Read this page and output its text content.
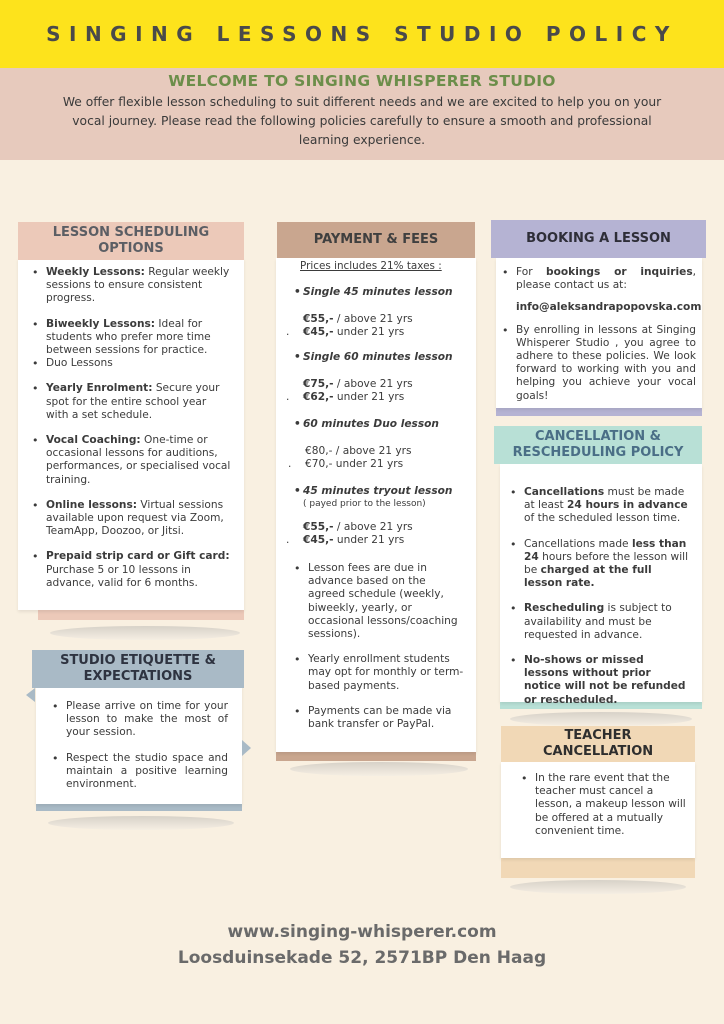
SINGING LESSONS STUDIO POLICY
WELCOME TO SINGING WHISPERER STUDIO

We offer flexible lesson scheduling to suit different needs and we are excited to help you on your vocal journey. Please read the following policies carefully to ensure a smooth and professional learning experience.

• Weekly Lessons: Regular weekly sessions to ensure consistent progress.
• Biweekly Lessons: Ideal for students who prefer more time between sessions for practice.
• Duo Lessons
• Yearly Enrolment: Secure your spot for the entire school year with a set schedule.
• Vocal Coaching: One-time or occasional lessons for auditions, performances, or specialised vocal training.
• Online lessons: Virtual sessions available upon request via Zoom, TeamApp, Doozoo, or Jitsi.
• Prepaid strip card or Gift card: Purchase 5 or 10 lessons in advance, valid for 6 months.
LESSON SCHEDULING OPTIONS
• Please arrive on time for your lesson to make the most of your session.
• Respect the studio space and maintain a positive learning environment.
STUDIO ETIQUETTE & EXPECTATIONS
Prices includes 21% taxes :
• Single 45 minutes lesson
€55,- / above 21 yrs
. €45,- under 21 yrs
• Single 60 minutes lesson
€75,- / above 21 yrs
. €62,- under 21 yrs
• 60 minutes Duo lesson
€80,- / above 21 yrs
. €70,- under 21 yrs
• 45 minutes tryout lesson
( payed prior to the lesson)
€55,- / above 21 yrs
. €45,- under 21 yrs
• Lesson fees are due in advance based on the agreed schedule (weekly, biweekly, yearly, or occasional lessons/coaching sessions).
• Yearly enrollment students may opt for monthly or term-based payments.
• Payments can be made via bank transfer or PayPal.
PAYMENT & FEES
• For bookings or inquiries, please contact us at:
info@aleksandrapopovska.com
• By enrolling in lessons at Singing Whisperer Studio , you agree to adhere to these policies. We look forward to working with you and helping you achieve your vocal goals!
BOOKING A LESSON
• Cancellations must be made at least 24 hours in advance of the scheduled lesson time.
• Cancellations made less than 24 hours before the lesson will be charged at the full lesson rate.
• Rescheduling is subject to availability and must be requested in advance.
• No-shows or missed lessons without prior notice will not be refunded or rescheduled.
CANCELLATION & RESCHEDULING POLICY
• In the rare event that the teacher must cancel a lesson, a makeup lesson will be offered at a mutually convenient time.
TEACHER CANCELLATION
www.singing-whisperer.com
Loosduinsekade 52, 2571BP Den Haag
